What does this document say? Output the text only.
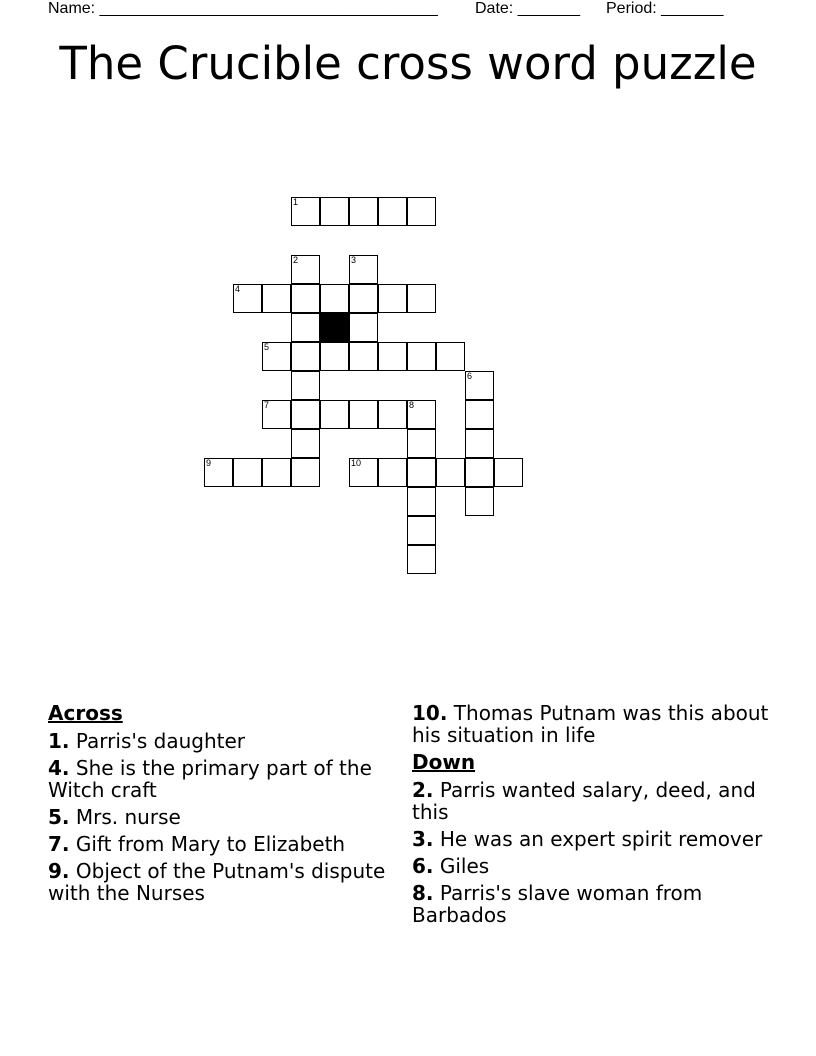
Name: ______________________________________ Date: _______ Period: _______
The Crucible cross word puzzle
1
2	3
4
5
6
7	8
9	10
Across
1. Parris's daughter
4. She is the primary part of the Witch craft
5. Mrs. nurse
7. Gift from Mary to Elizabeth
9. Object of the Putnam's dispute with the Nurses
10. Thomas Putnam was this about his situation in life
Down
2. Parris wanted salary, deed, and this
3. He was an expert spirit remover
6. Giles
8. Parris's slave woman from Barbados
